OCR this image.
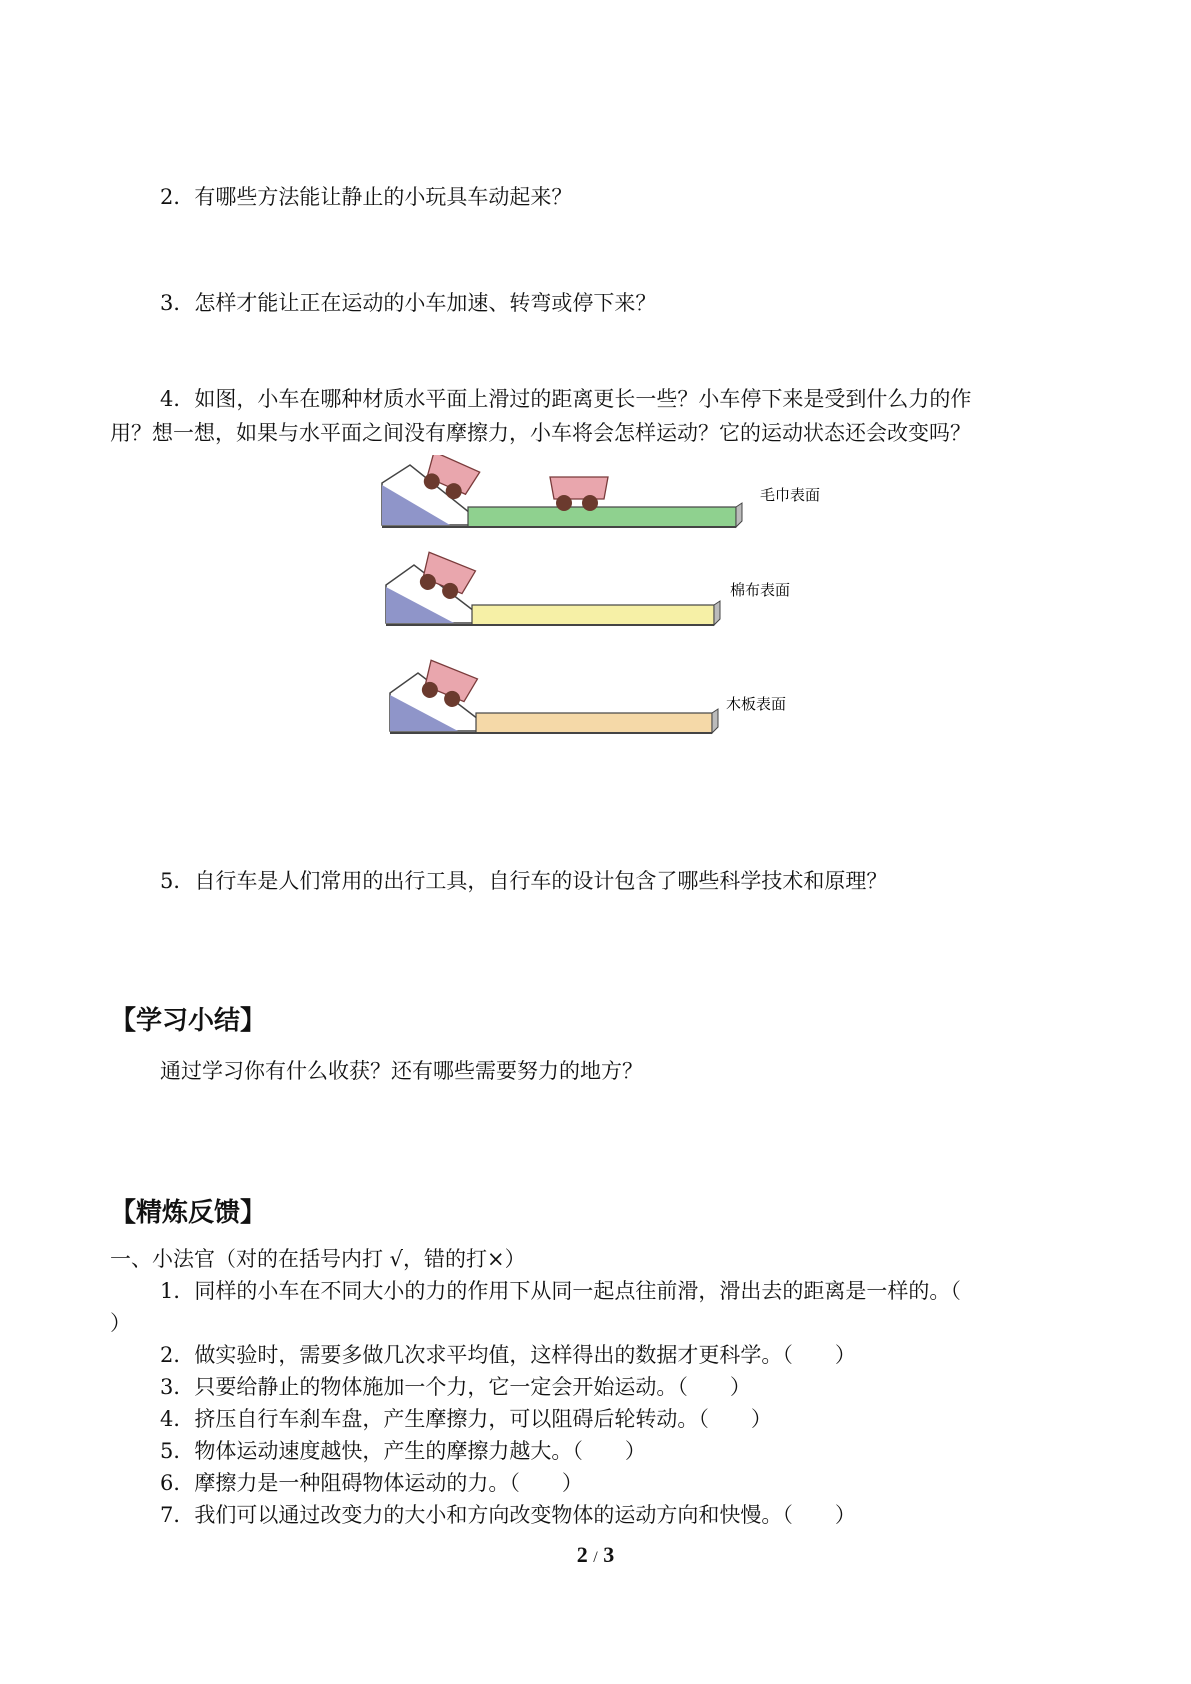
2．有哪些方法能让静止的小玩具车动起来？
3．怎样才能让正在运动的小车加速、转弯或停下来？
4．如图，小车在哪种材质水平面上滑过的距离更长一些？小车停下来是受到什么力的作
用？想一想，如果与水平面之间没有摩擦力，小车将会怎样运动？它的运动状态还会改变吗？
毛巾表面
棉布表面
木板表面
5．自行车是人们常用的出行工具，自行车的设计包含了哪些科学技术和原理？
【学习小结】
通过学习你有什么收获？还有哪些需要努力的地方？
【精炼反馈】
一、小法官（对的在括号内打 √，错的打×）
1．同样的小车在不同大小的力的作用下从同一起点往前滑，滑出去的距离是一样的。（
）
2．做实验时，需要多做几次求平均值，这样得出的数据才更科学。（　　）
3．只要给静止的物体施加一个力，它一定会开始运动。（　　）
4．挤压自行车刹车盘，产生摩擦力，可以阻碍后轮转动。（　　）
5．物体运动速度越快，产生的摩擦力越大。（　　）
6．摩擦力是一种阻碍物体运动的力。（　　）
7．我们可以通过改变力的大小和方向改变物体的运动方向和快慢。（　　）
2 / 3
